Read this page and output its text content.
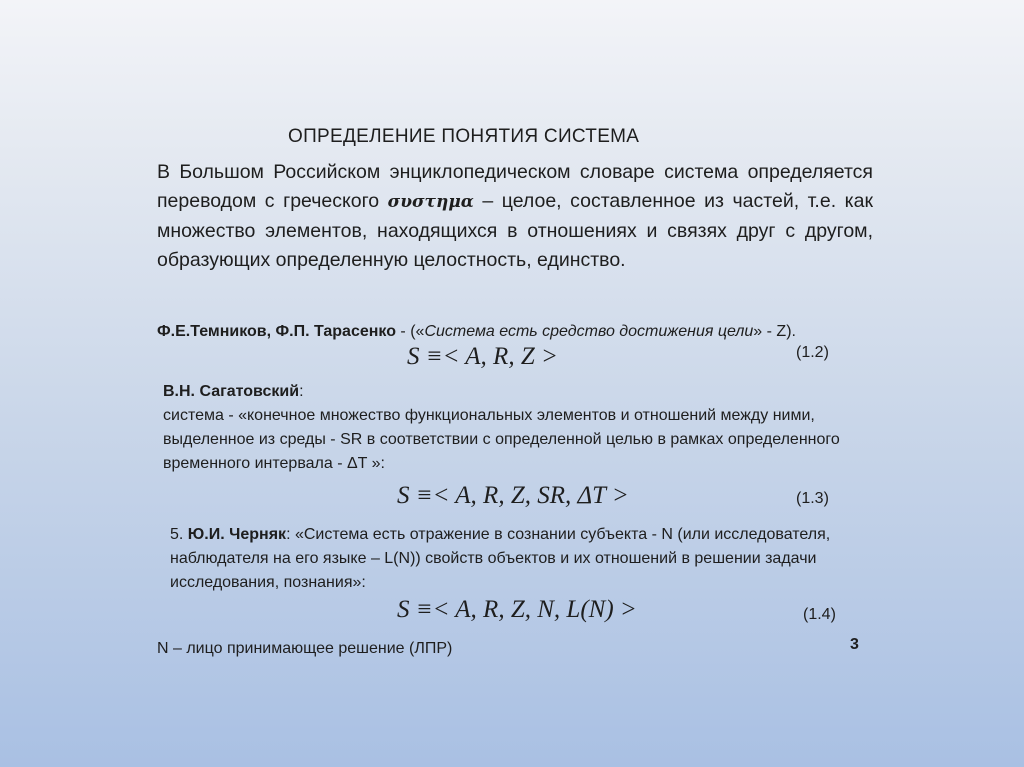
ОПРЕДЕЛЕНИЕ ПОНЯТИЯ СИСТЕМА

В Большом Российском энциклопедическом словаре система определяется переводом с греческого συστημα – целое, составленное из частей, т.е. как множество элементов, находящихся в отношениях и связях друг с другом, образующих определенную целостность, единство.

Ф.Е.Темников, Ф.П. Тарасенко - («Система есть средство достижения цели» - Z).

S ≡< A, R, Z >	(1.2)

В.Н. Сагатовский:
система - «конечное множество функциональных элементов и отношений между ними, выделенное из среды - SR в соответствии с определенной целью в рамках определенного временного интервала - ΔT »:

S ≡< A, R, Z, SR, ΔT >	(1.3)

5. Ю.И. Черняк: «Система есть отражение в сознании субъекта - N (или исследователя, наблюдателя на его языке – L(N)) свойств объектов и их отношений в решении задачи исследования, познания»:

S ≡< A, R, Z, N, L(N) >	(1.4)
N – лицо принимающее решение (ЛПР)	3
